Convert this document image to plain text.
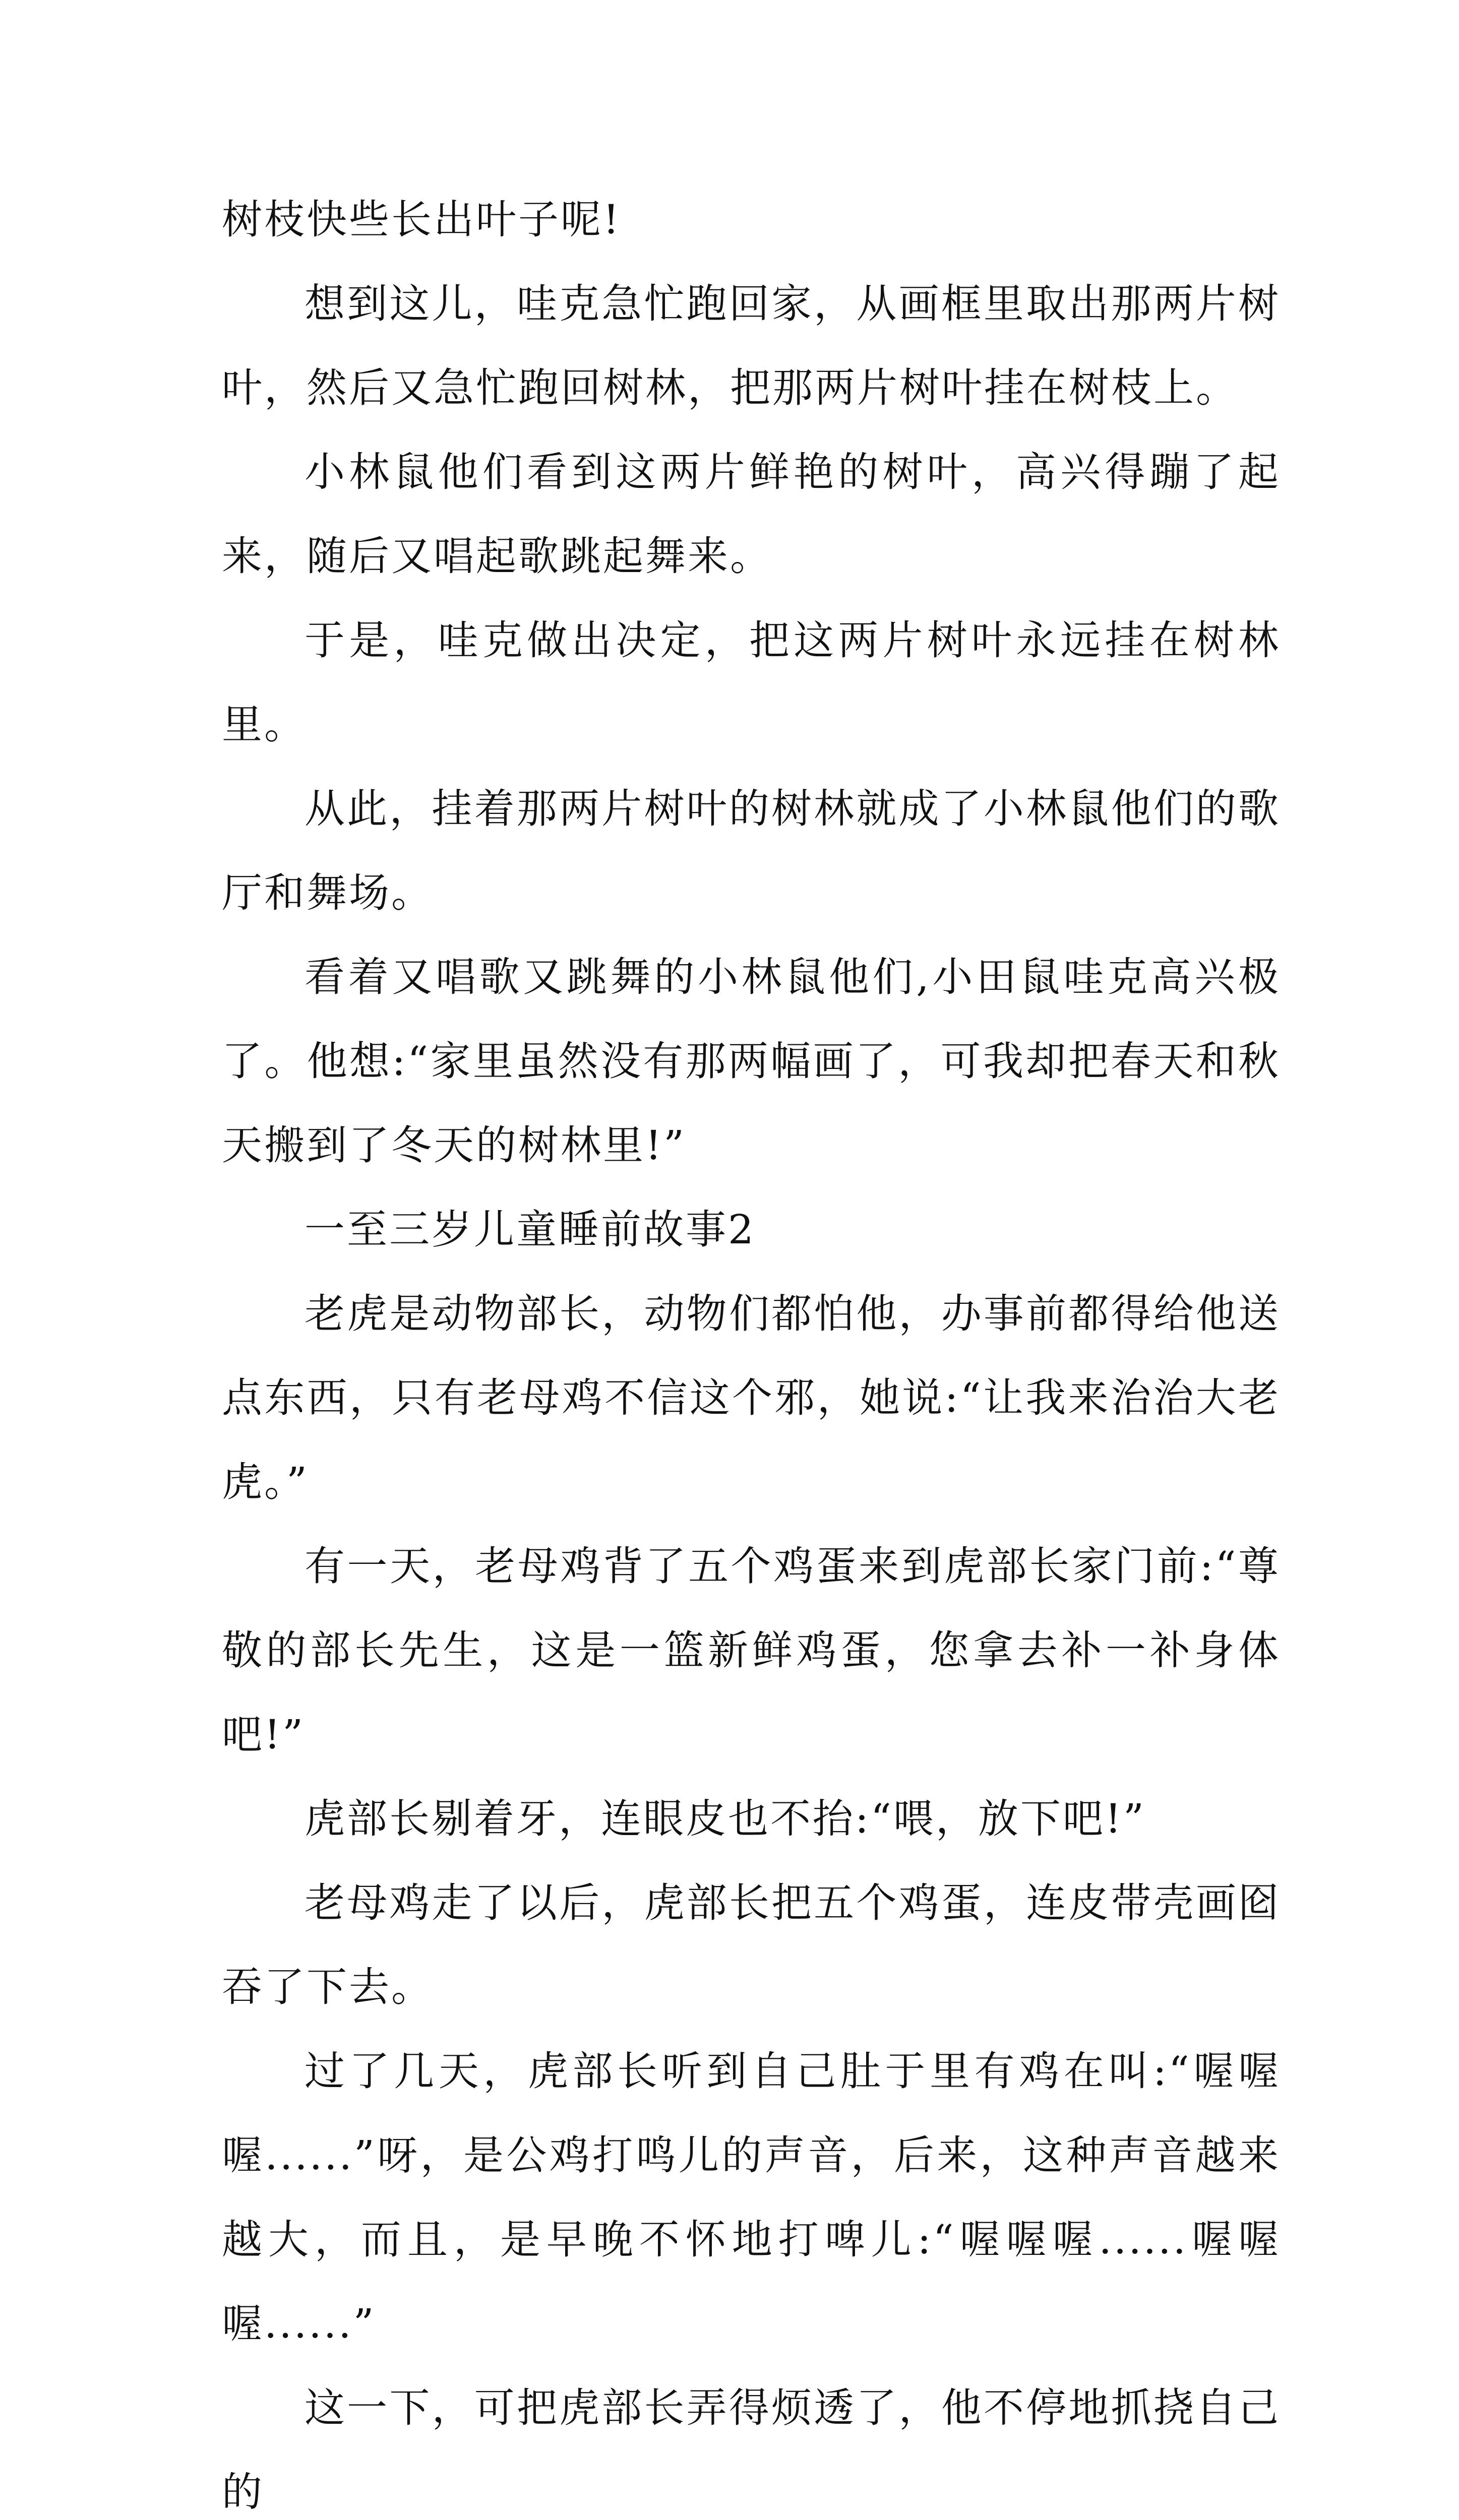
树枝快些长出叶子呢!

想到这儿，哇克急忙跑回家，从画框里取出那两片树叶，然后又急忙跑回树林，把那两片树叶挂在树枝上。

小林鼠他们看到这两片鲜艳的树叶，高兴得蹦了起来，随后又唱起歌跳起舞来。

于是，哇克做出决定，把这两片树叶永远挂在树林里。

从此，挂着那两片树叶的树林就成了小林鼠他们的歌厅和舞场。

看着又唱歌又跳舞的小林鼠他们,小田鼠哇克高兴极了。他想:“家里虽然没有那两幅画了，可我却把春天和秋天搬到了冬天的树林里!”

一至三岁儿童睡前故事2

老虎是动物部长，动物们都怕他，办事前都得给他送点东西，只有老母鸡不信这个邪，她说:“让我来治治大老虎。”

有一天，老母鸡背了五个鸡蛋来到虎部长家门前:“尊敬的部长先生，这是一篮新鲜鸡蛋，您拿去补一补身体吧!”

虎部长剔着牙，连眼皮也不抬:“喂，放下吧!”

老母鸡走了以后，虎部长把五个鸡蛋，连皮带壳画囵吞了下去。

过了几天，虎部长听到自己肚于里有鸡在叫:“喔喔喔......”呀，是公鸡打鸣儿的声音，后来，这种声音越来越大，而且，是早晚不怀地打啤儿:“喔喔喔......喔喔喔......”

这一下，可把虎部长弄得烦透了，他不停地抓挠自己的
